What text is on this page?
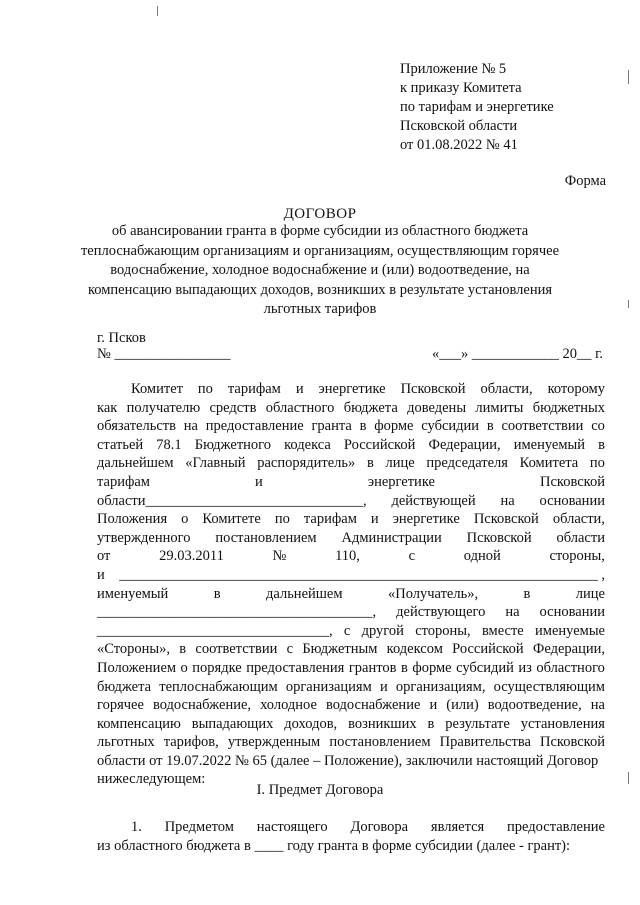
Приложение № 5
к приказу Комитета
по тарифам и энергетике
Псковской области
от 01.08.2022 № 41
Форма
ДОГОВОР
об авансировании гранта в форме субсидии из областного бюджета
теплоснабжающим организациям и организациям, осуществляющим горячее
водоснабжение, холодное водоснабжение и (или) водоотведение, на
компенсацию выпадающих доходов, возникших в результате установления
льготных тарифов
г. Псков
№ ________________	«___» ____________ 20__ г.
Комитет по тарифам и энергетике Псковской области, которому
как получателю средств областного бюджета доведены лимиты бюджетных
обязательств на предоставление гранта в форме субсидии в соответствии со
статьей 78.1 Бюджетного кодекса Российской Федерации, именуемый в
дальнейшем «Главный распорядитель» в лице председателя Комитета по
тарифам	и	энергетике	Псковской
области______________________________, действующей на основании
Положения о Комитете по тарифам и энергетике Псковской области,
утвержденного постановлением Администрации Псковской области
от	29.03.2011	№	110,	с	одной	стороны,
и __________________________________________________________________ ,
именуемый	в	дальнейшем	«Получатель»,	в	лице
______________________________________, действующего на основании
________________________________, с другой стороны, вместе именуемые
«Стороны», в соответствии с Бюджетным кодексом Российской Федерации,
Положением о порядке предоставления грантов в форме субсидий из областного
бюджета теплоснабжающим организациям и организациям, осуществляющим
горячее водоснабжение, холодное водоснабжение и (или) водоотведение, на
компенсацию выпадающих доходов, возникших в результате установления
льготных тарифов, утвержденным постановлением Правительства Псковской
области от 19.07.2022 № 65 (далее – Положение), заключили настоящий Договор
нижеследующем:
I. Предмет Договора
1. Предметом настоящего Договора является предоставление
из областного бюджета в ____ году гранта в форме субсидии (далее - грант):
